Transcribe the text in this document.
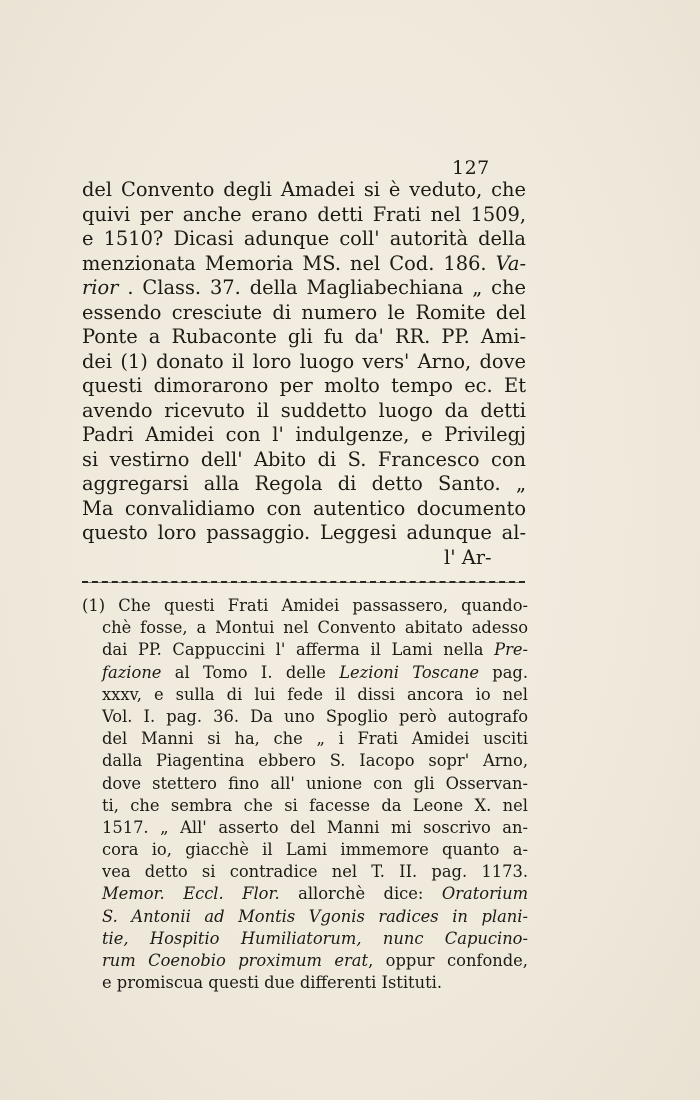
127
del Convento degli Amadei si è veduto, che
quivi per anche erano detti Frati nel 1509,
e 1510? Dicasi adunque coll' autorità della
menzionata Memoria MS. nel Cod. 186. Va-
rior . Class. 37. della Magliabechiana „ che
essendo cresciute di numero le Romite del
Ponte a Rubaconte gli fu da' RR. PP. Ami-
dei (1) donato il loro luogo vers' Arno, dove
questi dimorarono per molto tempo ec. Et
avendo ricevuto il suddetto luogo da detti
Padri Amidei con l' indulgenze, e Privilegj
si vestirno dell' Abito di S. Francesco con
aggregarsi alla Regola di detto Santo. „
Ma convalidiamo con autentico documento
questo loro passaggio. Leggesi adunque al-
l' Ar-
(1) Che questi Frati Amidei passassero, quando-
chè fosse, a Montui nel Convento abitato adesso
dai PP. Cappuccini l' afferma il Lami nella Pre-
fazione al Tomo I. delle Lezioni Toscane pag.
xxxv, e sulla di lui fede il dissi ancora io nel
Vol. I. pag. 36. Da uno Spoglio però autografo
del Manni si ha, che „ i Frati Amidei usciti
dalla Piagentina ebbero S. Iacopo sopr' Arno,
dove stettero fino all' unione con gli Osservan-
ti, che sembra che si facesse da Leone X. nel
1517. „ All' asserto del Manni mi soscrivo an-
cora io, giacchè il Lami immemore quanto a-
vea detto si contradice nel T. II. pag. 1173.
Memor. Eccl. Flor. allorchè dice: Oratorium
S. Antonii ad Montis Vgonis radices in plani-
tie, Hospitio Humiliatorum, nunc Capucino-
rum Coenobio proximum erat, oppur confonde,
e promiscua questi due differenti Istituti.
